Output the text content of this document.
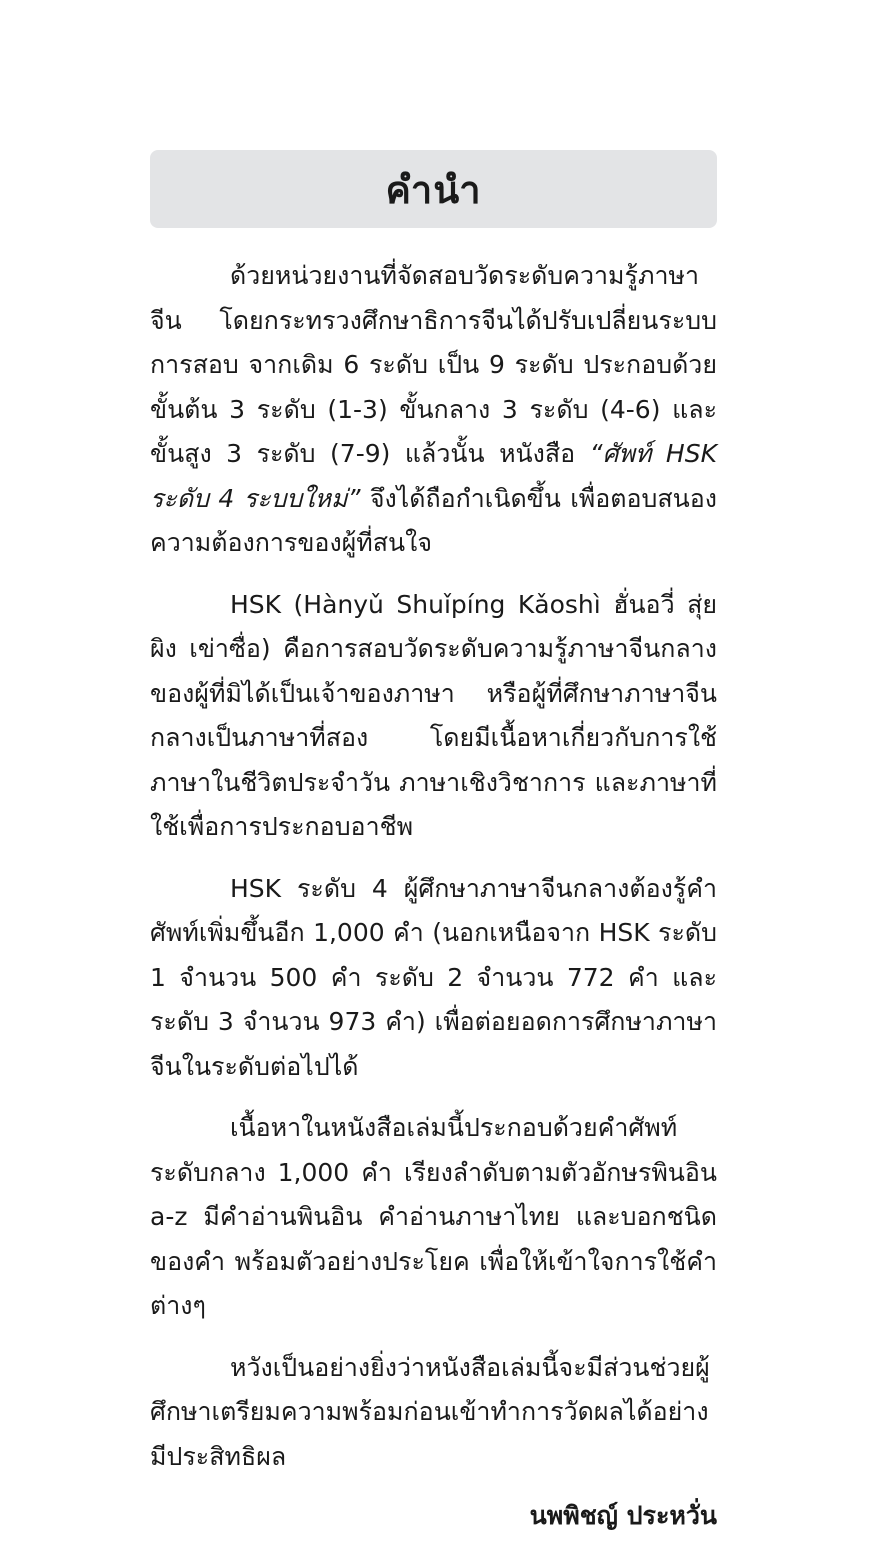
คำนำ

ด้วยหน่วยงานที่จัดสอบวัดระดับความรู้ภาษาจีน โดยกระทรวงศึกษาธิการจีนได้ปรับเปลี่ยนระบบการสอบ จากเดิม 6 ระดับ เป็น 9 ระดับ ประกอบด้วยขั้นต้น 3 ระดับ (1-3) ขั้นกลาง 3 ระดับ (4-6) และขั้นสูง 3 ระดับ (7-9) แล้วนั้น หนังสือ “ศัพท์ HSK ระดับ 4 ระบบใหม่” จึงได้ถือกำเนิดขึ้น เพื่อตอบสนองความต้องการของผู้ที่สนใจ

HSK (Hànyǔ Shuǐpíng Kǎoshì ฮั่นอวี่ สุ่ยผิง เข่าซื่อ) คือการสอบวัดระดับความรู้ภาษาจีนกลางของผู้ที่มิได้เป็นเจ้าของภาษา หรือผู้ที่ศึกษาภาษาจีนกลางเป็นภาษาที่สอง โดยมีเนื้อหาเกี่ยวกับการใช้ภาษาในชีวิตประจำวัน ภาษาเชิงวิชาการ และภาษาที่ใช้เพื่อการประกอบอาชีพ

HSK ระดับ 4 ผู้ศึกษาภาษาจีนกลางต้องรู้คำศัพท์เพิ่มขึ้นอีก 1,000 คำ (นอกเหนือจาก HSK ระดับ 1 จำนวน 500 คำ ระดับ 2 จำนวน 772 คำ และระดับ 3 จำนวน 973 คำ) เพื่อต่อยอดการศึกษาภาษาจีนในระดับต่อไปได้

เนื้อหาในหนังสือเล่มนี้ประกอบด้วยคำศัพท์ระดับกลาง 1,000 คำ เรียงลำดับตามตัวอักษรพินอิน a-z มีคำอ่านพินอิน คำอ่านภาษาไทย และบอกชนิดของคำ พร้อมตัวอย่างประโยค เพื่อให้เข้าใจการใช้คำต่างๆ

หวังเป็นอย่างยิ่งว่าหนังสือเล่มนี้จะมีส่วนช่วยผู้ศึกษาเตรียมความพร้อมก่อนเข้าทำการวัดผลได้อย่างมีประสิทธิผล

นพพิชญ์ ประหวั่น
